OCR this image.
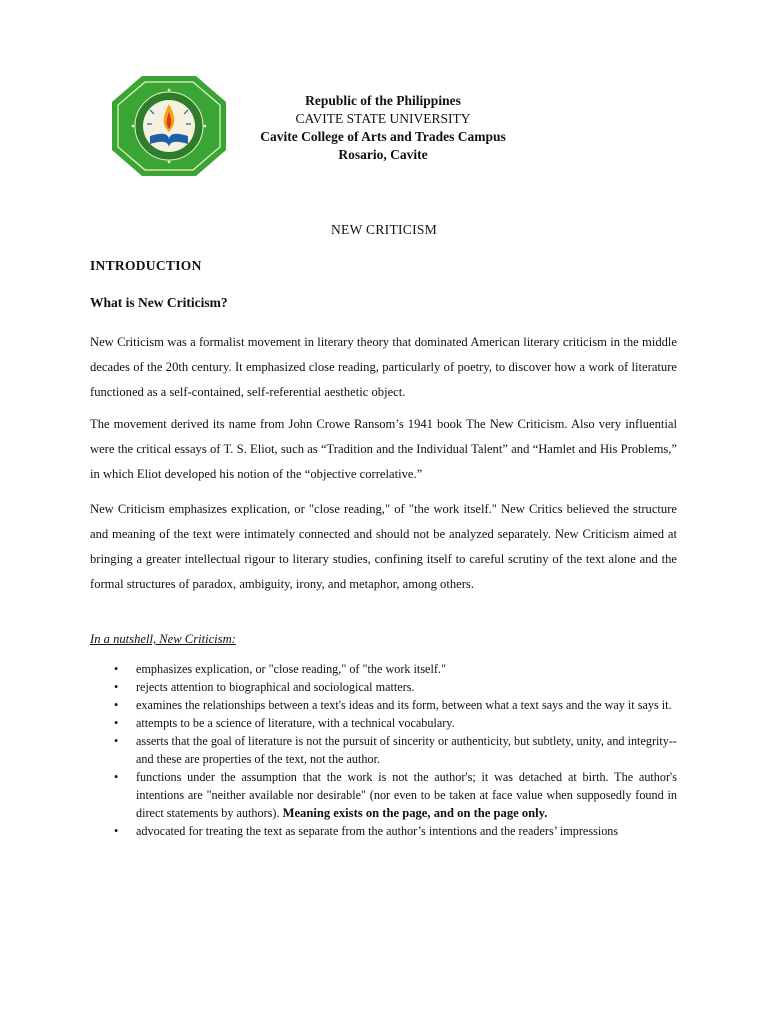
Republic of the Philippines
CAVITE STATE UNIVERSITY
Cavite College of Arts and Trades Campus
Rosario, Cavite
NEW CRITICISM
INTRODUCTION
What is New Criticism?
New Criticism was a formalist movement in literary theory that dominated American literary criticism in the middle decades of the 20th century. It emphasized close reading, particularly of poetry, to discover how a work of literature functioned as a self-contained, self-referential aesthetic object.
The movement derived its name from John Crowe Ransom’s 1941 book The New Criticism. Also very influential were the critical essays of T. S. Eliot, such as “Tradition and the Individual Talent” and “Hamlet and His Problems,” in which Eliot developed his notion of the “objective correlative.”
New Criticism emphasizes explication, or "close reading," of "the work itself." New Critics believed the structure and meaning of the text were intimately connected and should not be analyzed separately. New Criticism aimed at bringing a greater intellectual rigour to literary studies, confining itself to careful scrutiny of the text alone and the formal structures of paradox, ambiguity, irony, and metaphor, among others.
In a nutshell, New Criticism:
• emphasizes explication, or "close reading," of "the work itself."
• rejects attention to biographical and sociological matters.
• examines the relationships between a text's ideas and its form, between what a text says and the way it says it.
• attempts to be a science of literature, with a technical vocabulary.
• asserts that the goal of literature is not the pursuit of sincerity or authenticity, but subtlety, unity, and integrity--and these are properties of the text, not the author.
• functions under the assumption that the work is not the author's; it was detached at birth. The author's intentions are "neither available nor desirable" (nor even to be taken at face value when supposedly found in direct statements by authors). Meaning exists on the page, and on the page only.
• advocated for treating the text as separate from the author’s intentions and the readers’ impressions
